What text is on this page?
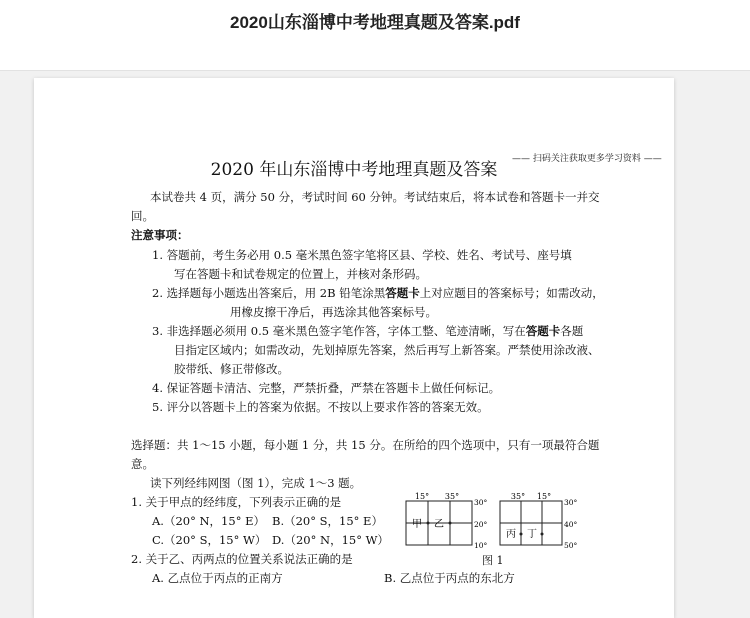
2020山东淄博中考地理真题及答案.pdf
—— 扫码关注获取更多学习资料 ——
2020 年山东淄博中考地理真题及答案
本试卷共 4 页，满分 50 分，考试时间 60 分钟。考试结束后，将本试卷和答题卡一并交
回。
注意事项：
1. 答题前，考生务必用 0.5 毫米黑色签字笔将区县、学校、姓名、考试号、座号填
写在答题卡和试卷规定的位置上，并核对条形码。
2. 选择题每小题选出答案后，用 2B 铅笔涂黑答题卡上对应题目的答案标号；如需改动，
用橡皮擦干净后，再选涂其他答案标号。
3. 非选择题必须用 0.5 毫米黑色签字笔作答，字体工整、笔迹清晰，写在答题卡各题
目指定区域内；如需改动，先划掉原先答案，然后再写上新答案。严禁使用涂改液、
胶带纸、修正带修改。
4. 保证答题卡清洁、完整，严禁折叠，严禁在答题卡上做任何标记。
5. 评分以答题卡上的答案为依据。不按以上要求作答的答案无效。
选择题：共 1～15 小题，每小题 1 分，共 15 分。在所给的四个选项中，只有一项最符合题
意。
读下列经纬网图（图 1），完成 1～3 题。
1. 关于甲点的经纬度，下列表示正确的是
A.（20° N，15° E） B.（20° S，15° E）
C.（20° S，15° W） D.（20° N，15° W）
2. 关于乙、丙两点的位置关系说法正确的是
A. 乙点位于丙点的正南方	B. 乙点位于丙点的东北方
15° 35°
甲 乙
30°
20°
10°
35° 15°
丙 丁
30°
40°
50°
图 1
